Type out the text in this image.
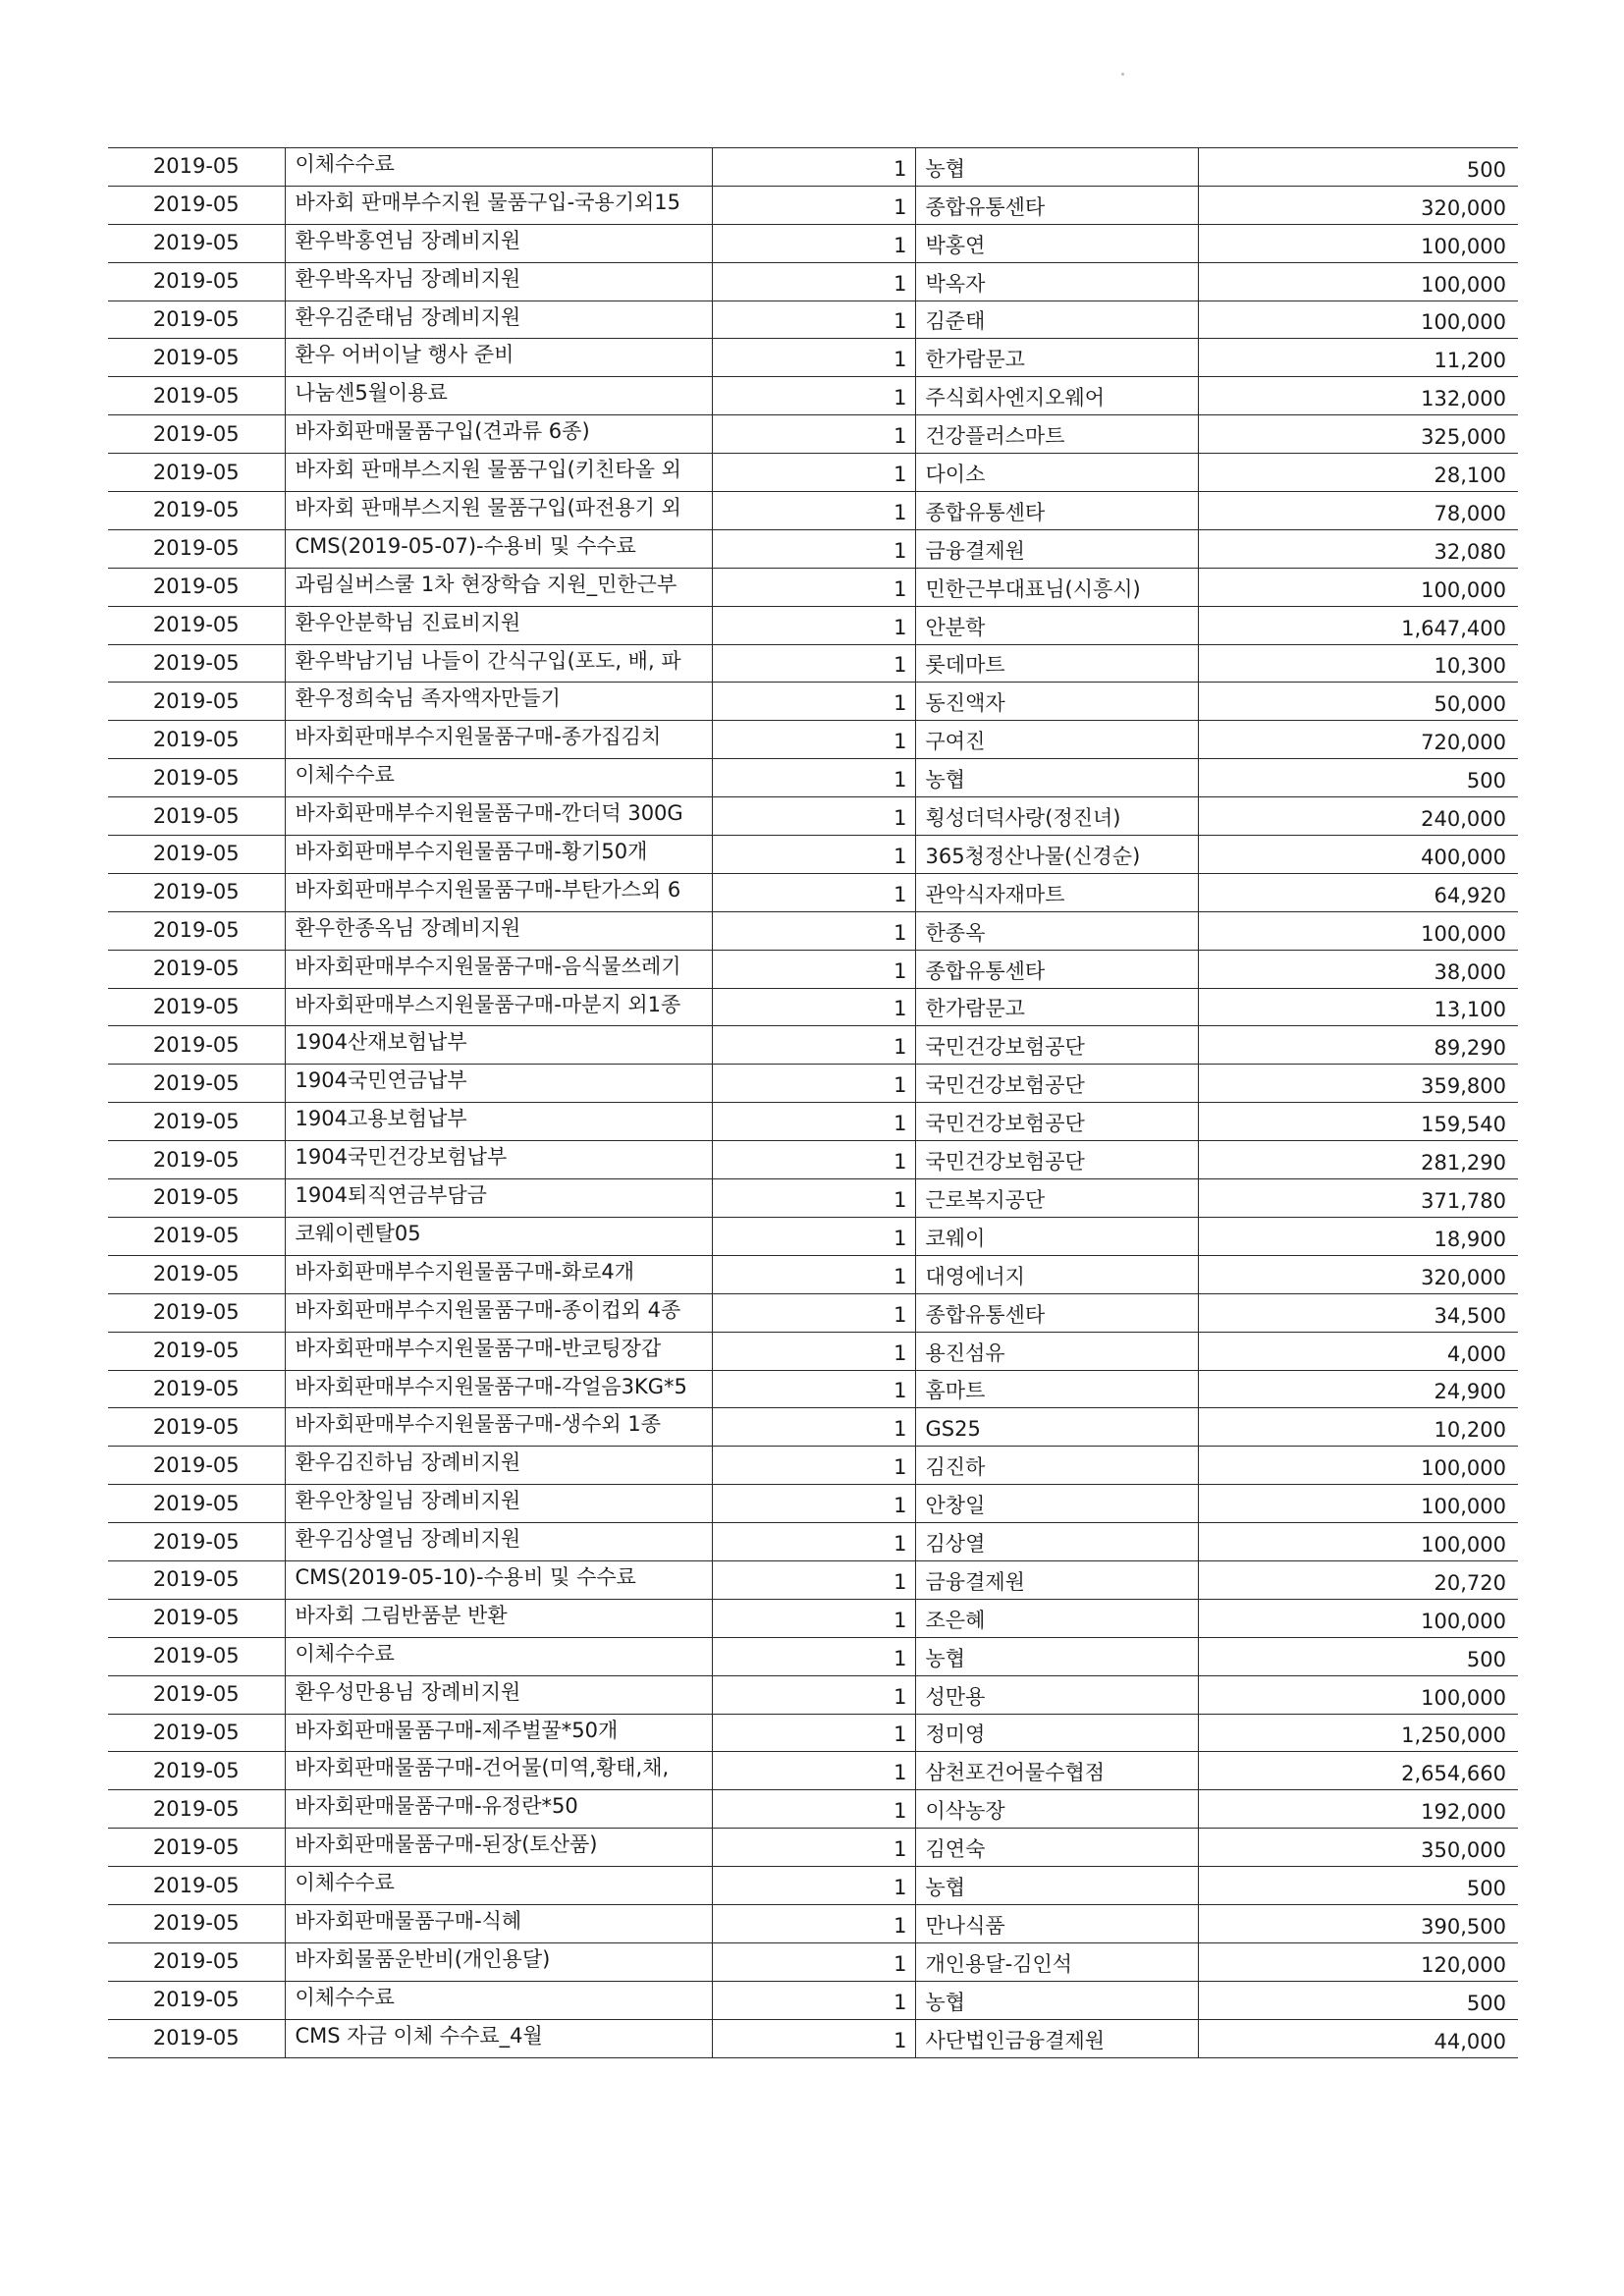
2019-05	이체수수료	1	농협	500
2019-05	바자회 판매부수지원 물품구입-국용기외15	1	종합유통센타	320,000
2019-05	환우박홍연님 장례비지원	1	박홍연	100,000
2019-05	환우박옥자님 장례비지원	1	박옥자	100,000
2019-05	환우김준태님 장례비지원	1	김준태	100,000
2019-05	환우 어버이날 행사 준비	1	한가람문고	11,200
2019-05	나눔센5월이용료	1	주식회사엔지오웨어	132,000
2019-05	바자회판매물품구입(견과류 6종)	1	건강플러스마트	325,000
2019-05	바자회 판매부스지원 물품구입(키친타올 외	1	다이소	28,100
2019-05	바자회 판매부스지원 물품구입(파전용기 외	1	종합유통센타	78,000
2019-05	CMS(2019-05-07)-수용비 및 수수료	1	금융결제원	32,080
2019-05	과림실버스쿨 1차 현장학습 지원_민한근부	1	민한근부대표님(시흥시)	100,000
2019-05	환우안분학님 진료비지원	1	안분학	1,647,400
2019-05	환우박남기님 나들이 간식구입(포도, 배, 파	1	롯데마트	10,300
2019-05	환우정희숙님 족자액자만들기	1	동진액자	50,000
2019-05	바자회판매부수지원물품구매-종가집김치	1	구여진	720,000
2019-05	이체수수료	1	농협	500
2019-05	바자회판매부수지원물품구매-깐더덕 300G	1	횡성더덕사랑(정진녀)	240,000
2019-05	바자회판매부수지원물품구매-황기50개	1	365청정산나물(신경순)	400,000
2019-05	바자회판매부수지원물품구매-부탄가스외 6	1	관악식자재마트	64,920
2019-05	환우한종옥님 장례비지원	1	한종옥	100,000
2019-05	바자회판매부수지원물품구매-음식물쓰레기	1	종합유통센타	38,000
2019-05	바자회판매부스지원물품구매-마분지 외1종	1	한가람문고	13,100
2019-05	1904산재보험납부	1	국민건강보험공단	89,290
2019-05	1904국민연금납부	1	국민건강보험공단	359,800
2019-05	1904고용보험납부	1	국민건강보험공단	159,540
2019-05	1904국민건강보험납부	1	국민건강보험공단	281,290
2019-05	1904퇴직연금부담금	1	근로복지공단	371,780
2019-05	코웨이렌탈05	1	코웨이	18,900
2019-05	바자회판매부수지원물품구매-화로4개	1	대영에너지	320,000
2019-05	바자회판매부수지원물품구매-종이컵외 4종	1	종합유통센타	34,500
2019-05	바자회판매부수지원물품구매-반코팅장갑	1	용진섬유	4,000
2019-05	바자회판매부수지원물품구매-각얼음3KG*5	1	홈마트	24,900
2019-05	바자회판매부수지원물품구매-생수외 1종	1	GS25	10,200
2019-05	환우김진하님 장례비지원	1	김진하	100,000
2019-05	환우안창일님 장례비지원	1	안창일	100,000
2019-05	환우김상열님 장례비지원	1	김상열	100,000
2019-05	CMS(2019-05-10)-수용비 및 수수료	1	금융결제원	20,720
2019-05	바자회 그림반품분 반환	1	조은혜	100,000
2019-05	이체수수료	1	농협	500
2019-05	환우성만용님 장례비지원	1	성만용	100,000
2019-05	바자회판매물품구매-제주벌꿀*50개	1	정미영	1,250,000
2019-05	바자회판매물품구매-건어물(미역,황태,채,	1	삼천포건어물수협점	2,654,660
2019-05	바자회판매물품구매-유정란*50	1	이삭농장	192,000
2019-05	바자회판매물품구매-된장(토산품)	1	김연숙	350,000
2019-05	이체수수료	1	농협	500
2019-05	바자회판매물품구매-식혜	1	만나식품	390,500
2019-05	바자회물품운반비(개인용달)	1	개인용달-김인석	120,000
2019-05	이체수수료	1	농협	500
2019-05	CMS 자금 이체 수수료_4월	1	사단법인금융결제원	44,000
